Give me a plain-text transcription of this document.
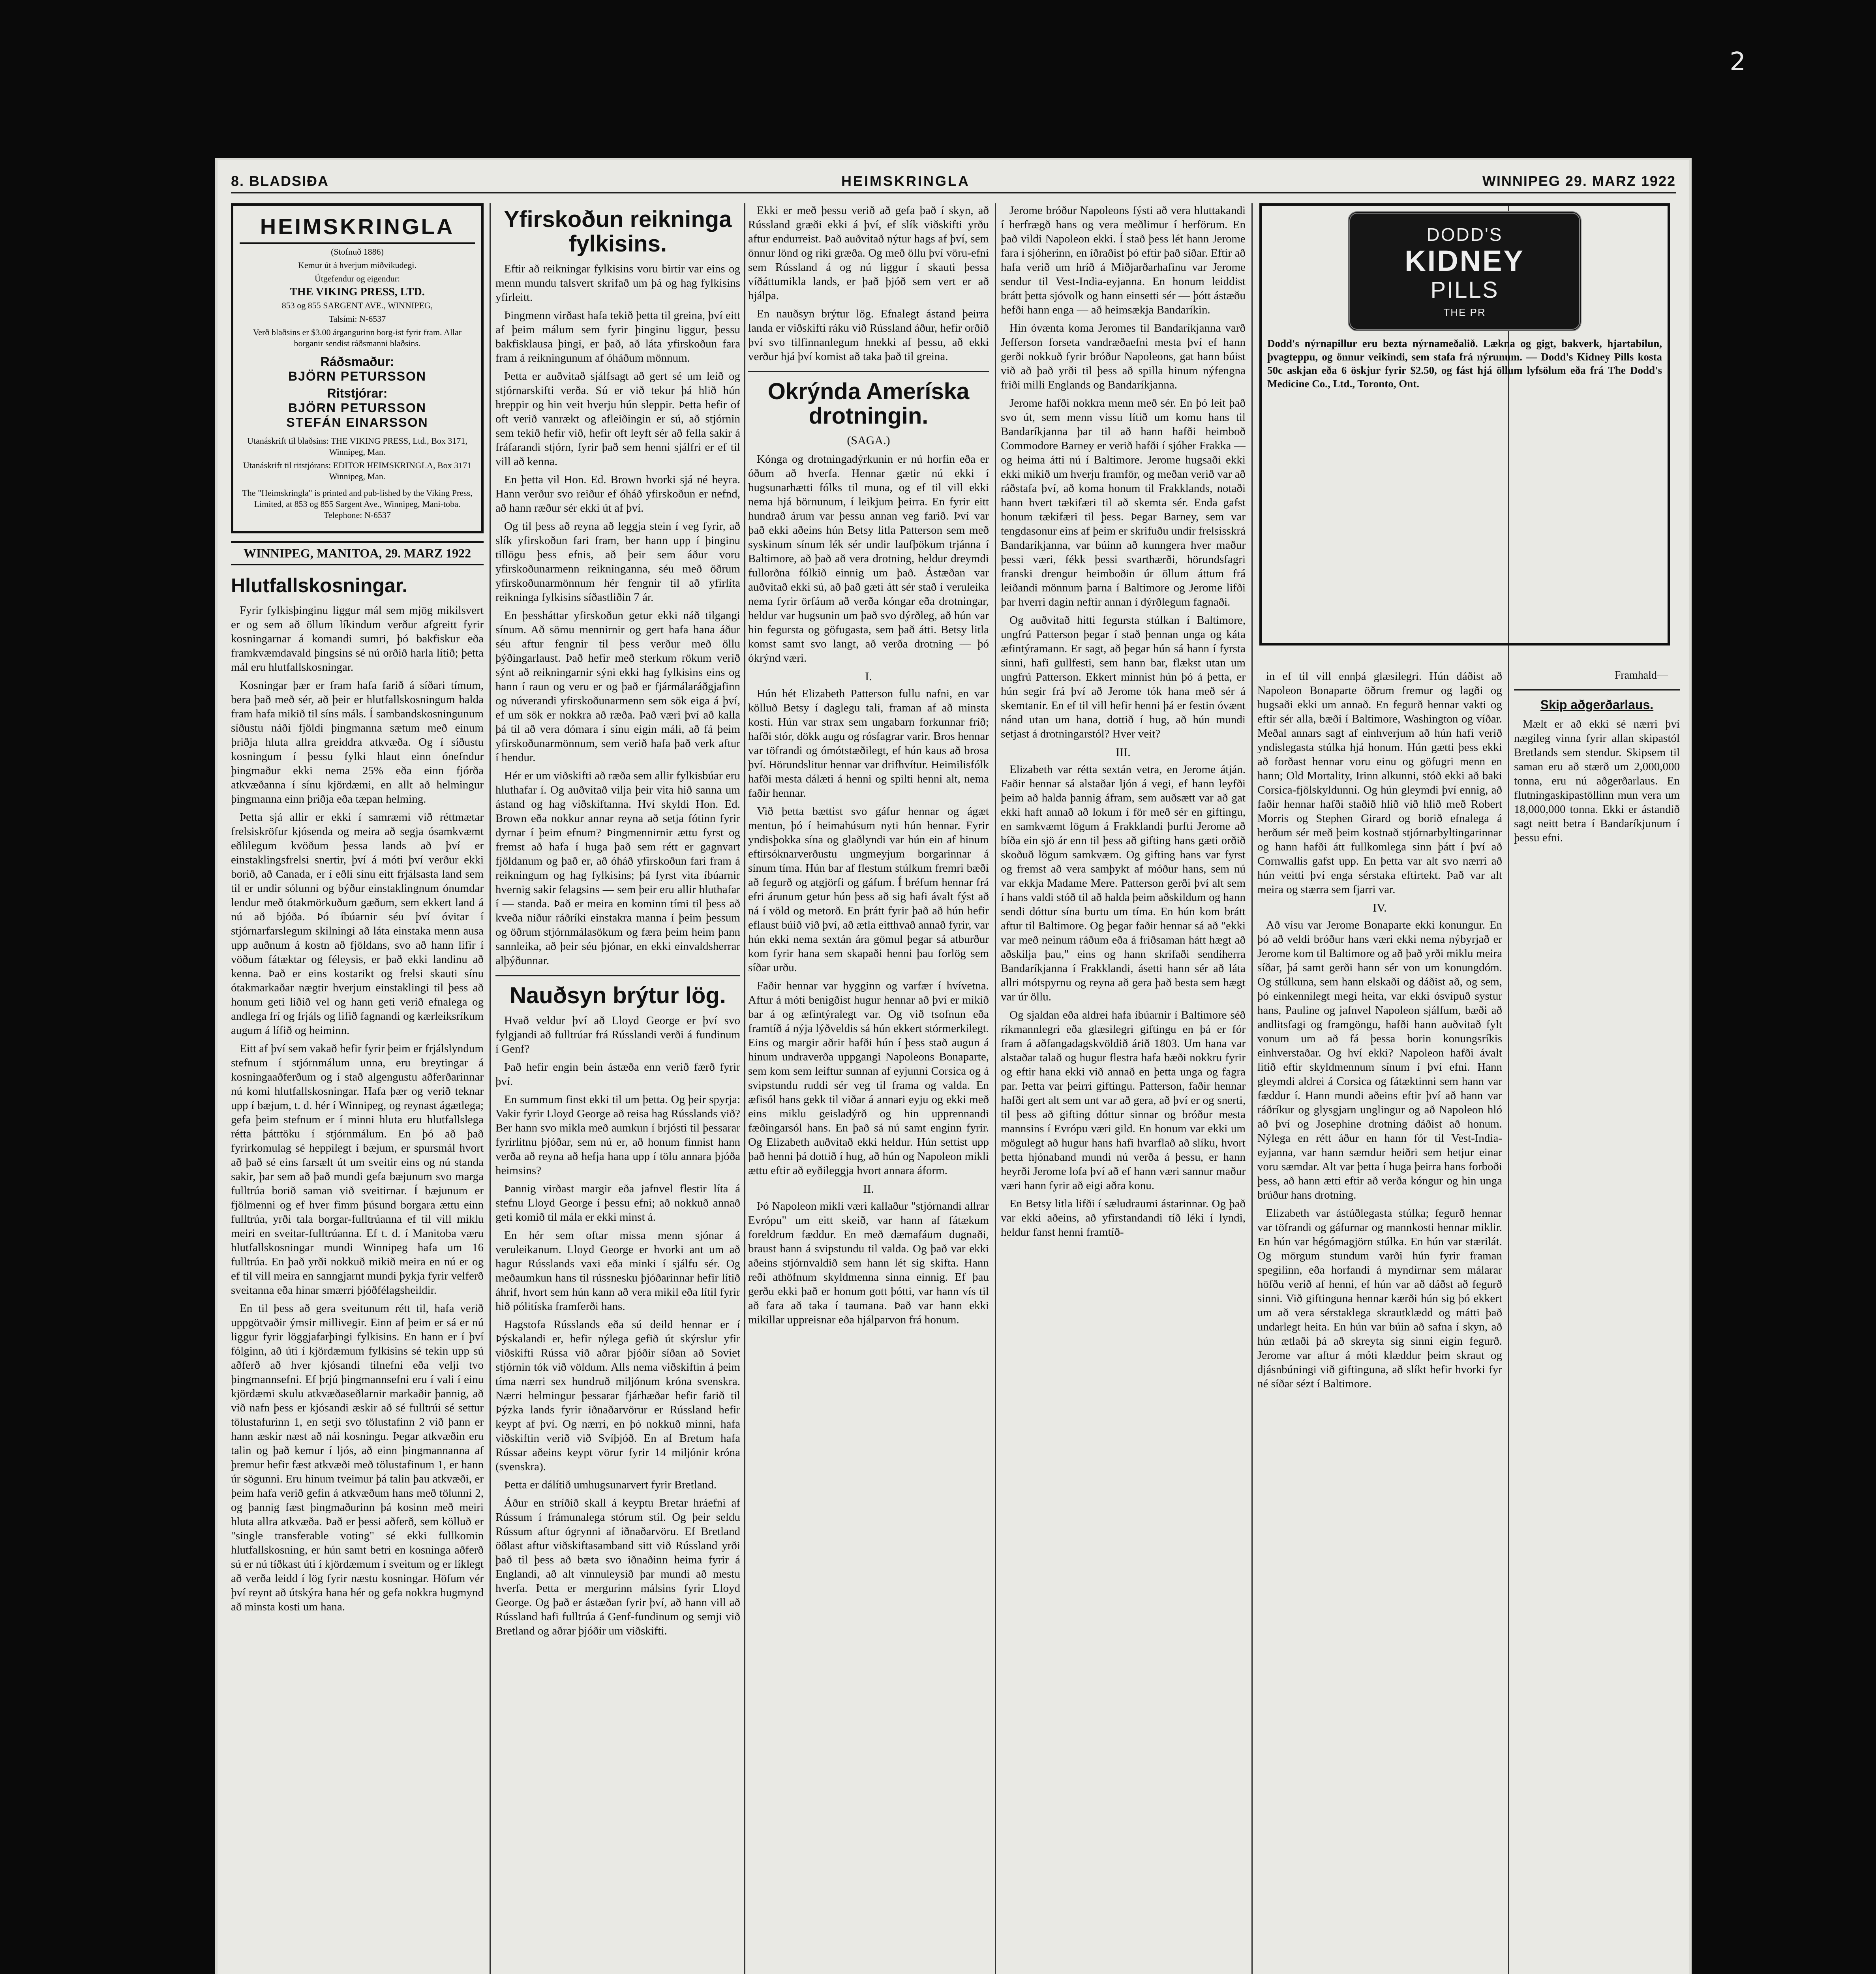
2
8. BLADSIÐA	HEIMSKRINGLA	WINNIPEG 29. MARZ 1922
HEIMSKRINGLA
(Stofnuð 1886)
Kemur út á hverjum miðvikudegi.
Útgefendur og eigendur:
THE VIKING PRESS, LTD.
853 og 855 SARGENT AVE., WINNIPEG,
Talsími: N-6537
Verð blaðsins er $3.00 árgangurinn borg-ist fyrir fram. Allar borganir sendist ráðsmanni blaðsins.
Ráðsmaður:
BJÖRN PETURSSON
Ritstjórar:
BJÖRN PETURSSON
STEFÁN EINARSSON
Utanáskrift til blaðsins: THE VIKING PRESS, Ltd., Box 3171, Winnipeg, Man.
Utanáskrift til ritstjórans: EDITOR HEIMSKRINGLA, Box 3171 Winnipeg, Man.
The "Heimskringla" is printed and pub-lished by the Viking Press, Limited, at 853 og 855 Sargent Ave., Winnipeg, Mani-toba. Telephone: N-6537
WINNIPEG, MANITOA, 29. MARZ 1922
Hlutfallskosningar.

Fyrir fylkisþinginu liggur mál sem mjög mikilsvert er og sem að öllum líkindum verður afgreitt fyrir kosningarnar á komandi sumri, þó bakfiskur eða framkvæmdavald þingsins sé nú orðið harla lítið; þetta mál eru hlutfallskosningar.

Kosningar þær er fram hafa farið á síðari tímum, bera það með sér, að þeir er hlutfallskosningum halda fram hafa mikið til síns máls. Í sambandskosningunum síðustu náði fjöldi þingmanna sætum með einum þriðja hluta allra greiddra atkvæða. Og í síðustu kosningum í þessu fylki hlaut einn ónefndur þingmaður ekki nema 25% eða einn fjórða atkvæðanna í sínu kjördæmi, en allt að helmingur þingmanna einn þriðja eða tæpan helming.

Þetta sjá allir er ekki í samræmi við réttmætar frelsiskröfur kjósenda og meira að segja ósamkvæmt eðlilegum kvöðum þessa lands að því er einstaklingsfrelsi snertir, því á móti því verður ekki borið, að Canada, er í eðli sínu eitt frjálsasta land sem til er undir sólunni og býður einstaklingnum ónumdar lendur með ótakmörkuðum gæðum, sem ekkert land á nú að bjóða. Þó íbúarnir séu því óvitar í stjórnarfarslegum skilningi að láta einstaka menn ausa upp auðnum á kostn að fjöldans, svo að hann lifir í vöðum fátæktar og féleysis, er það ekki landinu að kenna. Það er eins kostarikt og frelsi skauti sínu ótakmarkaðar nægtir hverjum einstaklingi til þess að honum geti liðið vel og hann geti verið efnalega og andlega frí og frjáls og lifið fagnandi og kærleiksríkum augum á lífið og heiminn.

Eitt af því sem vakað hefir fyrir þeim er frjálslyndum stefnum í stjórnmálum unna, eru breytingar á kosningaaðferðum og í stað algengustu aðferðarinnar nú komi hlutfallskosningar. Hafa þær og verið teknar upp í bæjum, t. d. hér í Winnipeg, og reynast ágætlega; gefa þeim stefnum er í minni hluta eru hlutfallslega rétta þátttöku í stjórnmálum. En þó að það fyrirkomulag sé heppilegt í bæjum, er spursmál hvort að það sé eins farsælt út um sveitir eins og nú standa sakir, þar sem að það mundi gefa bæjunum svo marga fulltrúa borið saman við sveitirnar. Í bæjunum er fjölmenni og ef hver fimm þúsund borgara ættu einn fulltrúa, yrði tala borgar-fulltrúanna ef til vill miklu meiri en sveitar-fulltrúanna. Ef t. d. í Manitoba væru hlutfallskosningar mundi Winnipeg hafa um 16 fulltrúa. En það yrði nokkuð mikið meira en nú er og ef til vill meira en sanngjarnt mundi þykja fyrir velferð sveitanna eða hinar smærri þjóðfélagsheildir.

En til þess að gera sveitunum rétt til, hafa verið uppgötvaðir ýmsir millivegir. Einn af þeim er sá er nú liggur fyrir löggjafarþingi fylkisins. En hann er í því fólginn, að úti í kjördæmum fylkisins sé tekin upp sú aðferð að hver kjósandi tilnefni eða velji tvo þingmannsefni. Ef þrjú þingmannsefni eru í vali í einu kjördæmi skulu atkvæðaseðlarnir markaðir þannig, að við nafn þess er kjósandi æskir að sé fulltrúi sé settur tölustafurinn 1, en setji svo tölustafinn 2 við þann er hann æskir næst að nái kosningu. Þegar atkvæðin eru talin og það kemur í ljós, að einn þingmannanna af þremur hefir fæst atkvæði með tölustafinum 1, er hann úr sögunni. Eru hinum tveimur þá talin þau atkvæði, er þeim hafa verið gefin á atkvæðum hans með tölunni 2, og þannig fæst þingmaðurinn þá kosinn með meiri hluta allra atkvæða. Það er þessi aðferð, sem kölluð er "single transferable voting" sé ekki fullkomin hlutfallskosning, er hún samt betri en kosninga aðferð sú er nú tíðkast úti í kjördæmum í sveitum og er líklegt að verða leidd í lög fyrir næstu kosningar. Höfum vér því reynt að útskýra hana hér og gefa nokkra hugmynd að minsta kosti um hana.

Yfirskoðun reikninga fylkisins.

Eftir að reikningar fylkisins voru birtir var eins og menn mundu talsvert skrifað um þá og hag fylkisins yfirleitt.

Þingmenn virðast hafa tekið þetta til greina, því eitt af þeim málum sem fyrir þinginu liggur, þessu bakfisklausa þingi, er það, að láta yfirskoðun fara fram á reikningunum af óháðum mönnum.

Þetta er auðvitað sjálfsagt að gert sé um leið og stjórnarskifti verða. Sú er við tekur þá hlið hún hreppir og hin veit hverju hún sleppir. Þetta hefir of oft verið vanrækt og afleiðingin er sú, að stjórnin sem tekið hefir við, hefir oft leyft sér að fella sakir á fráfarandi stjórn, fyrir það sem henni sjálfri er ef til vill að kenna.

En þetta vil Hon. Ed. Brown hvorki sjá né heyra. Hann verður svo reiður ef óháð yfirskoðun er nefnd, að hann ræður sér ekki út af því.

Og til þess að reyna að leggja stein í veg fyrir, að slík yfirskoðun fari fram, ber hann upp í þinginu tillögu þess efnis, að þeir sem áður voru yfirskoðunarmenn reikninganna, séu með öðrum yfirskoðunarmönnum hér fengnir til að yfirlíta reikninga fylkisins síðastliðin 7 ár.

En þessháttar yfirskoðun getur ekki náð tilgangi sínum. Að sömu mennirnir og gert hafa hana áður séu aftur fengnir til þess verður með öllu þýðingarlaust. Það hefir með sterkum rökum verið sýnt að reikningarnir sýni ekki hag fylkisins eins og hann í raun og veru er og það er fjármálaráðgjafinn og núverandi yfirskoðunarmenn sem sök eiga á því, ef um sök er nokkra að ræða. Það væri því að kalla þá til að vera dómara í sínu eigin máli, að fá þeim yfirskoðunarmönnum, sem verið hafa það verk aftur í hendur.

Hér er um viðskifti að ræða sem allir fylkisbúar eru hluthafar í. Og auðvitað vilja þeir vita hið sanna um ástand og hag viðskiftanna. Hví skyldi Hon. Ed. Brown eða nokkur annar reyna að setja fótinn fyrir dyrnar í þeim efnum? Þingmennirnir ættu fyrst og fremst að hafa í huga það sem rétt er gagnvart fjöldanum og það er, að óháð yfirskoðun fari fram á reikningum og hag fylkisins; þá fyrst vita íbúarnir hvernig sakir felagsins — sem þeir eru allir hluthafar í — standa. Það er meira en kominn tími til þess að kveða niður ráðríki einstakra manna í þeim þessum og öðrum stjórnmálasökum og færa þeim heim þann sannleika, að þeir séu þjónar, en ekki einvaldsherrar alþýðunnar.

Nauðsyn brýtur lög.

Hvað veldur því að Lloyd George er því svo fylgjandi að fulltrúar frá Rússlandi verði á fundinum í Genf?

Það hefir engin bein ástæða enn verið færð fyrir því.

En summum finst ekki til um þetta. Og þeir spyrja: Vakir fyrir Lloyd George að reisa hag Rússlands við? Ber hann svo mikla með aumkun í brjósti til þessarar fyrirlitnu þjóðar, sem nú er, að honum finnist hann verða að reyna að hefja hana upp í tölu annara þjóða heimsins?

Þannig virðast margir eða jafnvel flestir líta á stefnu Lloyd George í þessu efni; að nokkuð annað geti komið til mála er ekki minst á.

En hér sem oftar missa menn sjónar á veruleikanum. Lloyd George er hvorki ant um að hagur Rússlands vaxi eða minki í sjálfu sér. Og meðaumkun hans til rússnesku þjóðarinnar hefir lítið áhrif, hvort sem hún kann að vera mikil eða lítil fyrir hið pólitíska framferði hans.

Hagstofa Rússlands eða sú deild hennar er í Þýskalandi er, hefir nýlega gefið út skýrslur yfir viðskifti Rússa við aðrar þjóðir síðan að Soviet stjórnin tók við völdum. Alls nema viðskiftin á þeim tíma nærri sex hundruð miljónum króna svenskra. Nærri helmingur þessarar fjárhæðar hefir farið til Þýzka lands fyrir iðnaðarvörur er Rússland hefir keypt af því. Og nærri, en þó nokkuð minni, hafa viðskiftin verið við Svíþjóð. En af Bretum hafa Rússar aðeins keypt vörur fyrir 14 miljónir króna (svenskra).

Þetta er dálítið umhugsunarvert fyrir Bretland.

Áður en stríðið skall á keyptu Bretar hráefni af Rússum í frámunalega stórum stíl. Og þeir seldu Rússum aftur ógrynni af iðnaðarvöru. Ef Bretland öðlast aftur viðskiftasamband sitt við Rússland yrði það til þess að bæta svo iðnaðinn heima fyrir á Englandi, að alt vinnuleysið þar mundi að mestu hverfa. Þetta er mergurinn málsins fyrir Lloyd George. Og það er ástæðan fyrir því, að hann vill að Rússland hafi fulltrúa á Genf-fundinum og semji við Bretland og aðrar þjóðir um viðskifti.

Ekki er með þessu verið að gefa það í skyn, að Rússland græði ekki á því, ef slík viðskifti yrðu aftur endurreist. Það auðvitað nýtur hags af því, sem önnur lönd og riki græða. Og með öllu því vöru-efni sem Rússland á og nú liggur í skauti þessa víðáttumikla lands, er það þjóð sem vert er að hjálpa.

En nauðsyn brýtur lög. Efnalegt ástand þeirra landa er viðskifti ráku við Rússland áður, hefir orðið því svo tilfinnanlegum hnekki af þessu, að ekki verður hjá því komist að taka það til greina.

Okrýnda Ameríska drotningin.
(SAGA.)

Kónga og drotningadýrkunin er nú horfin eða er óðum að hverfa. Hennar gætir nú ekki í hugsunarhætti fólks til muna, og ef til vill ekki nema hjá börnunum, í leikjum þeirra. En fyrir eitt hundrað árum var þessu annan veg farið. Því var það ekki aðeins hún Betsy litla Patterson sem með syskinum sínum lék sér undir laufþökum trjánna í Baltimore, að það að vera drotning, heldur dreymdi fullorðna fólkið einnig um það. Ástæðan var auðvitað ekki sú, að það gæti átt sér stað í veruleika nema fyrir örfáum að verða kóngar eða drotningar, heldur var hugsunin um það svo dýrðleg, að hún var hin fegursta og göfugasta, sem það átti. Betsy litla komst samt svo langt, að verða drotning — þó ókrýnd væri.

I.

Hún hét Elizabeth Patterson fullu nafni, en var kölluð Betsy í daglegu tali, framan af að minsta kosti. Hún var strax sem ungabarn forkunnar fríð; hafði stór, dökk augu og rósfagrar varir. Bros hennar var töfrandi og ómótstæðilegt, ef hún kaus að brosa því. Hörundslitur hennar var drifhvítur. Heimilisfólk hafði mesta dálæti á henni og spilti henni alt, nema faðir hennar.

Við þetta bættist svo gáfur hennar og ágæt mentun, þó í heimahúsum nyti hún hennar. Fyrir yndisþokka sína og glaðlyndi var hún ein af hinum eftirsóknarverðustu ungmeyjum borgarinnar á sínum tíma. Hún bar af flestum stúlkum fremri bæði að fegurð og atgjörfi og gáfum. Í bréfum hennar frá efri árunum getur hún þess að sig hafi ávalt fýst að ná í völd og metorð. En þrátt fyrir það að hún hefir eflaust búið við því, að ætla eitthvað annað fyrir, var hún ekki nema sextán ára gömul þegar sá atburður kom fyrir hana sem skapaði henni þau forlög sem síðar urðu.

Faðir hennar var hygginn og varfær í hvívetna. Aftur á móti benigðist hugur hennar að því er mikið bar á og æfintýralegt var. Og við tsofnun eða framtíð á nýja lýðveldis sá hún ekkert stórmerkilegt. Eins og margir aðrir hafði hún í þess stað augun á hinum undraverða uppgangi Napoleons Bonaparte, sem kom sem leiftur sunnan af eyjunni Corsica og á svipstundu ruddi sér veg til frama og valda. En æfisól hans gekk til viðar á annari eyju og ekki með eins miklu geisladýrð og hin upprennandi fæðingarsól hans. En það sá nú samt enginn fyrir. Og Elizabeth auðvitað ekki heldur. Hún settist upp það henni þá dottið í hug, að hún og Napoleon mikli ættu eftir að eyðileggja hvort annara áform.

II.

Þó Napoleon mikli væri kallaður "stjórnandi allrar Evrópu" um eitt skeið, var hann af fátækum foreldrum fæddur. En með dæmafáum dugnaði, braust hann á svipstundu til valda. Og það var ekki aðeins stjórnvaldið sem hann lét sig skifta. Hann reði athöfnum skyldmenna sinna einnig. Ef þau gerðu ekki það er honum gott þótti, var hann vís til að fara að taka í taumana. Það var hann ekki mikillar uppreisnar eða hjálparvon frá honum.

Jerome bróður Napoleons fýsti að vera hluttakandi í herfrægð hans og vera meðlimur í herförum. En það vildi Napoleon ekki. Í stað þess lét hann Jerome fara í sjóherinn, en íðraðist þó eftir það síðar. Eftir að hafa verið um hríð á Miðjarðarhafinu var Jerome sendur til Vest-India-eyjanna. En honum leiddist brátt þetta sjóvolk og hann einsetti sér — þótt ástæðu hefði hann enga — að heimsækja Bandaríkin.

Hin óvænta koma Jeromes til Bandaríkjanna varð Jefferson forseta vandræðaefni mesta því ef hann gerði nokkuð fyrir bróður Napoleons, gat hann búist við að það yrði til þess að spilla hinum nýfengna friði milli Englands og Bandaríkjanna.

Jerome hafði nokkra menn með sér. En þó leit það svo út, sem menn vissu lítið um komu hans til Bandaríkjanna þar til að hann hafði heimboð Commodore Barney er verið hafði í sjóher Frakka — og heima átti nú í Baltimore. Jerome hugsaði ekki ekki mikið um hverju framför, og meðan verið var að ráðstafa því, að koma honum til Frakklands, notaði hann hvert tækifæri til að skemta sér. Enda gafst honum tækifæri til þess. Þegar Barney, sem var tengdasonur eins af þeim er skrifuðu undir frelsisskrá Bandaríkjanna, var búinn að kunngera hver maður þessi væri, fékk þessi svarthærði, hörundsfagri franski drengur heimboðin úr öllum áttum frá leiðandi mönnum þarna í Baltimore og Jerome lifði þar hverri dagin neftir annan í dýrðlegum fagnaði.

Og auðvitað hitti fegursta stúlkan í Baltimore, ungfrú Patterson þegar í stað þennan unga og káta æfintýramann. Er sagt, að þegar hún sá hann í fyrsta sinni, hafi gullfesti, sem hann bar, flækst utan um ungfrú Patterson. Ekkert minnist hún þó á þetta, er hún segir frá því að Jerome tók hana með sér á skemtanir. En ef til vill hefir henni þá er festin óvænt nánd utan um hana, dottið í hug, að hún mundi setjast á drotningarstól? Hver veit?

III.

Elizabeth var rétta sextán vetra, en Jerome átján. Faðir hennar sá alstaðar ljón á vegi, ef hann leyfði þeim að halda þannig áfram, sem auðsætt var að gat ekki haft annað að lokum í för með sér en giftingu, en samkvæmt lögum á Frakklandi þurfti Jerome að bíða ein sjö ár enn til þess að gifting hans gæti orðið skoðuð lögum samkvæm. Og gifting hans var fyrst og fremst að vera samþykt af móður hans, sem nú var ekkja Madame Mere. Patterson gerði því alt sem í hans valdi stóð til að halda þeim aðskildum og hann sendi dóttur sína burtu um tíma. En hún kom brátt aftur til Baltimore. Og þegar faðir hennar sá að "ekki var með neinum ráðum eða á friðsaman hátt hægt að aðskilja þau," eins og hann skrifaði sendiherra Bandaríkjanna í Frakklandi, ásetti hann sér að láta allri mótspyrnu og reyna að gera það besta sem hægt var úr öllu.

Og sjaldan eða aldrei hafa íbúarnir í Baltimore séð ríkmannlegri eða glæsilegri giftingu en þá er fór fram á aðfangadagskvöldið árið 1803. Um hana var alstaðar talað og hugur flestra hafa bæði nokkru fyrir og eftir hana ekki við annað en þetta unga og fagra par. Þetta var þeirri giftingu. Patterson, faðir hennar hafði gert alt sem unt var að gera, að því er og snerti, til þess að gifting dóttur sinnar og bróður mesta mannsins í Evrópu væri gild. En honum var ekki um mögulegt að hugur hans hafi hvarflað að slíku, hvort þetta hjónaband mundi nú verða á þessu, er hann heyrði Jerome lofa því að ef hann væri sannur maður væri hann fyrir að eigi aðra konu.

En Betsy litla lifði í sæludraumi ástarinnar. Og það var ekki aðeins, að yfirstandandi tíð léki í lyndi, heldur fanst henni framtíð-

in ef til vill ennþá glæsilegri. Hún dáðist að Napoleon Bonaparte öðrum fremur og lagði og hugsaði ekki um annað. En fegurð hennar vakti og eftir sér alla, bæði í Baltimore, Washington og víðar. Meðal annars sagt af einhverjum að hún hafi verið yndislegasta stúlka hjá honum. Hún gætti þess ekki að forðast hennar voru einu og göfugri menn en hann; Old Mortality, Irinn alkunni, stóð ekki að baki Corsica-fjölskyldunni. Og hún gleymdi því ennig, að faðir hennar hafði staðið hlið við hlið með Robert Morris og Stephen Girard og borið efnalega á herðum sér með þeim kostnað stjórnarbyltingarinnar og hann hafði átt fullkomlega sinn þátt í því að Cornwallis gafst upp. En þetta var alt svo nærri að hún veitti því enga sérstaka eftirtekt. Það var alt meira og stærra sem fjarri var.

IV.

Að vísu var Jerome Bonaparte ekki konungur. En þó að veldi bróður hans væri ekki nema nýbyrjað er Jerome kom til Baltimore og að það yrði miklu meira síðar, þá samt gerði hann sér von um konungdóm. Og stúlkuna, sem hann elskaði og dáðist að, og sem, þó einkennilegt megi heita, var ekki ósvipuð systur hans, Pauline og jafnvel Napoleon sjálfum, bæði að andlitsfagi og framgöngu, hafði hann auðvitað fylt vonum um að fá þessa borin konungsríkis einhverstaðar. Og hví ekki? Napoleon hafði ávalt litið eftir skyldmennum sínum í því efni. Hann gleymdi aldrei á Corsica og fátæktinni sem hann var fæddur í. Hann mundi aðeins eftir því að hann var ráðríkur og glysgjarn unglingur og að Napoleon hló að því og Josephine drotning dáðist að honum. Nýlega en rétt áður en hann fór til Vest-India-eyjanna, var hann sæmdur heiðri sem hetjur einar voru sæmdar. Alt var þetta í huga þeirra hans forboði þess, að hann ætti eftir að verða kóngur og hin unga brúður hans drotning.

Elizabeth var ástúðlegasta stúlka; fegurð hennar var töfrandi og gáfurnar og mannkosti hennar miklir. En hún var hégómagjörn stúlka. En hún var stærilát. Og mörgum stundum varði hún fyrir framan spegilinn, eða horfandi á myndirnar sem málarar höfðu verið af henni, ef hún var að dáðst að fegurð sinni. Við giftinguna hennar kærði hún sig þó ekkert um að vera sérstaklega skrautklædd og mátti það undarlegt heita. En hún var búin að safna í skyn, að hún ætlaði þá að skreyta sig sinni eigin fegurð. Jerome var aftur á móti klæddur þeim skraut og djásnbúningi við giftinguna, að slíkt hefir hvorki fyr né síðar sézt í Baltimore.

Framhald—
Skip aðgerðarlaus.

Mælt er að ekki sé nærri því nægileg vinna fyrir allan skipastól Bretlands sem stendur. Skipsem til saman eru að stærð um 2,000,000 tonna, eru nú aðgerðarlaus. En flutningaskipastöllinn mun vera um 18,000,000 tonna. Ekki er ástandið sagt neitt betra í Bandaríkjunum í þessu efni.

DODD'S
KIDNEY
PILLS
THE PR
Dodd's nýrnapillur eru bezta nýrnameðalið. Lækna og gigt, bakverk, hjartabilun, þvagteppu, og önnur veikindi, sem stafa frá nýrunum. — Dodd's Kidney Pills kosta 50c askjan eða 6 öskjur fyrir $2.50, og fást hjá öllum lyfsölum eða frá The Dodd's Medicine Co., Ltd., Toronto, Ont.
